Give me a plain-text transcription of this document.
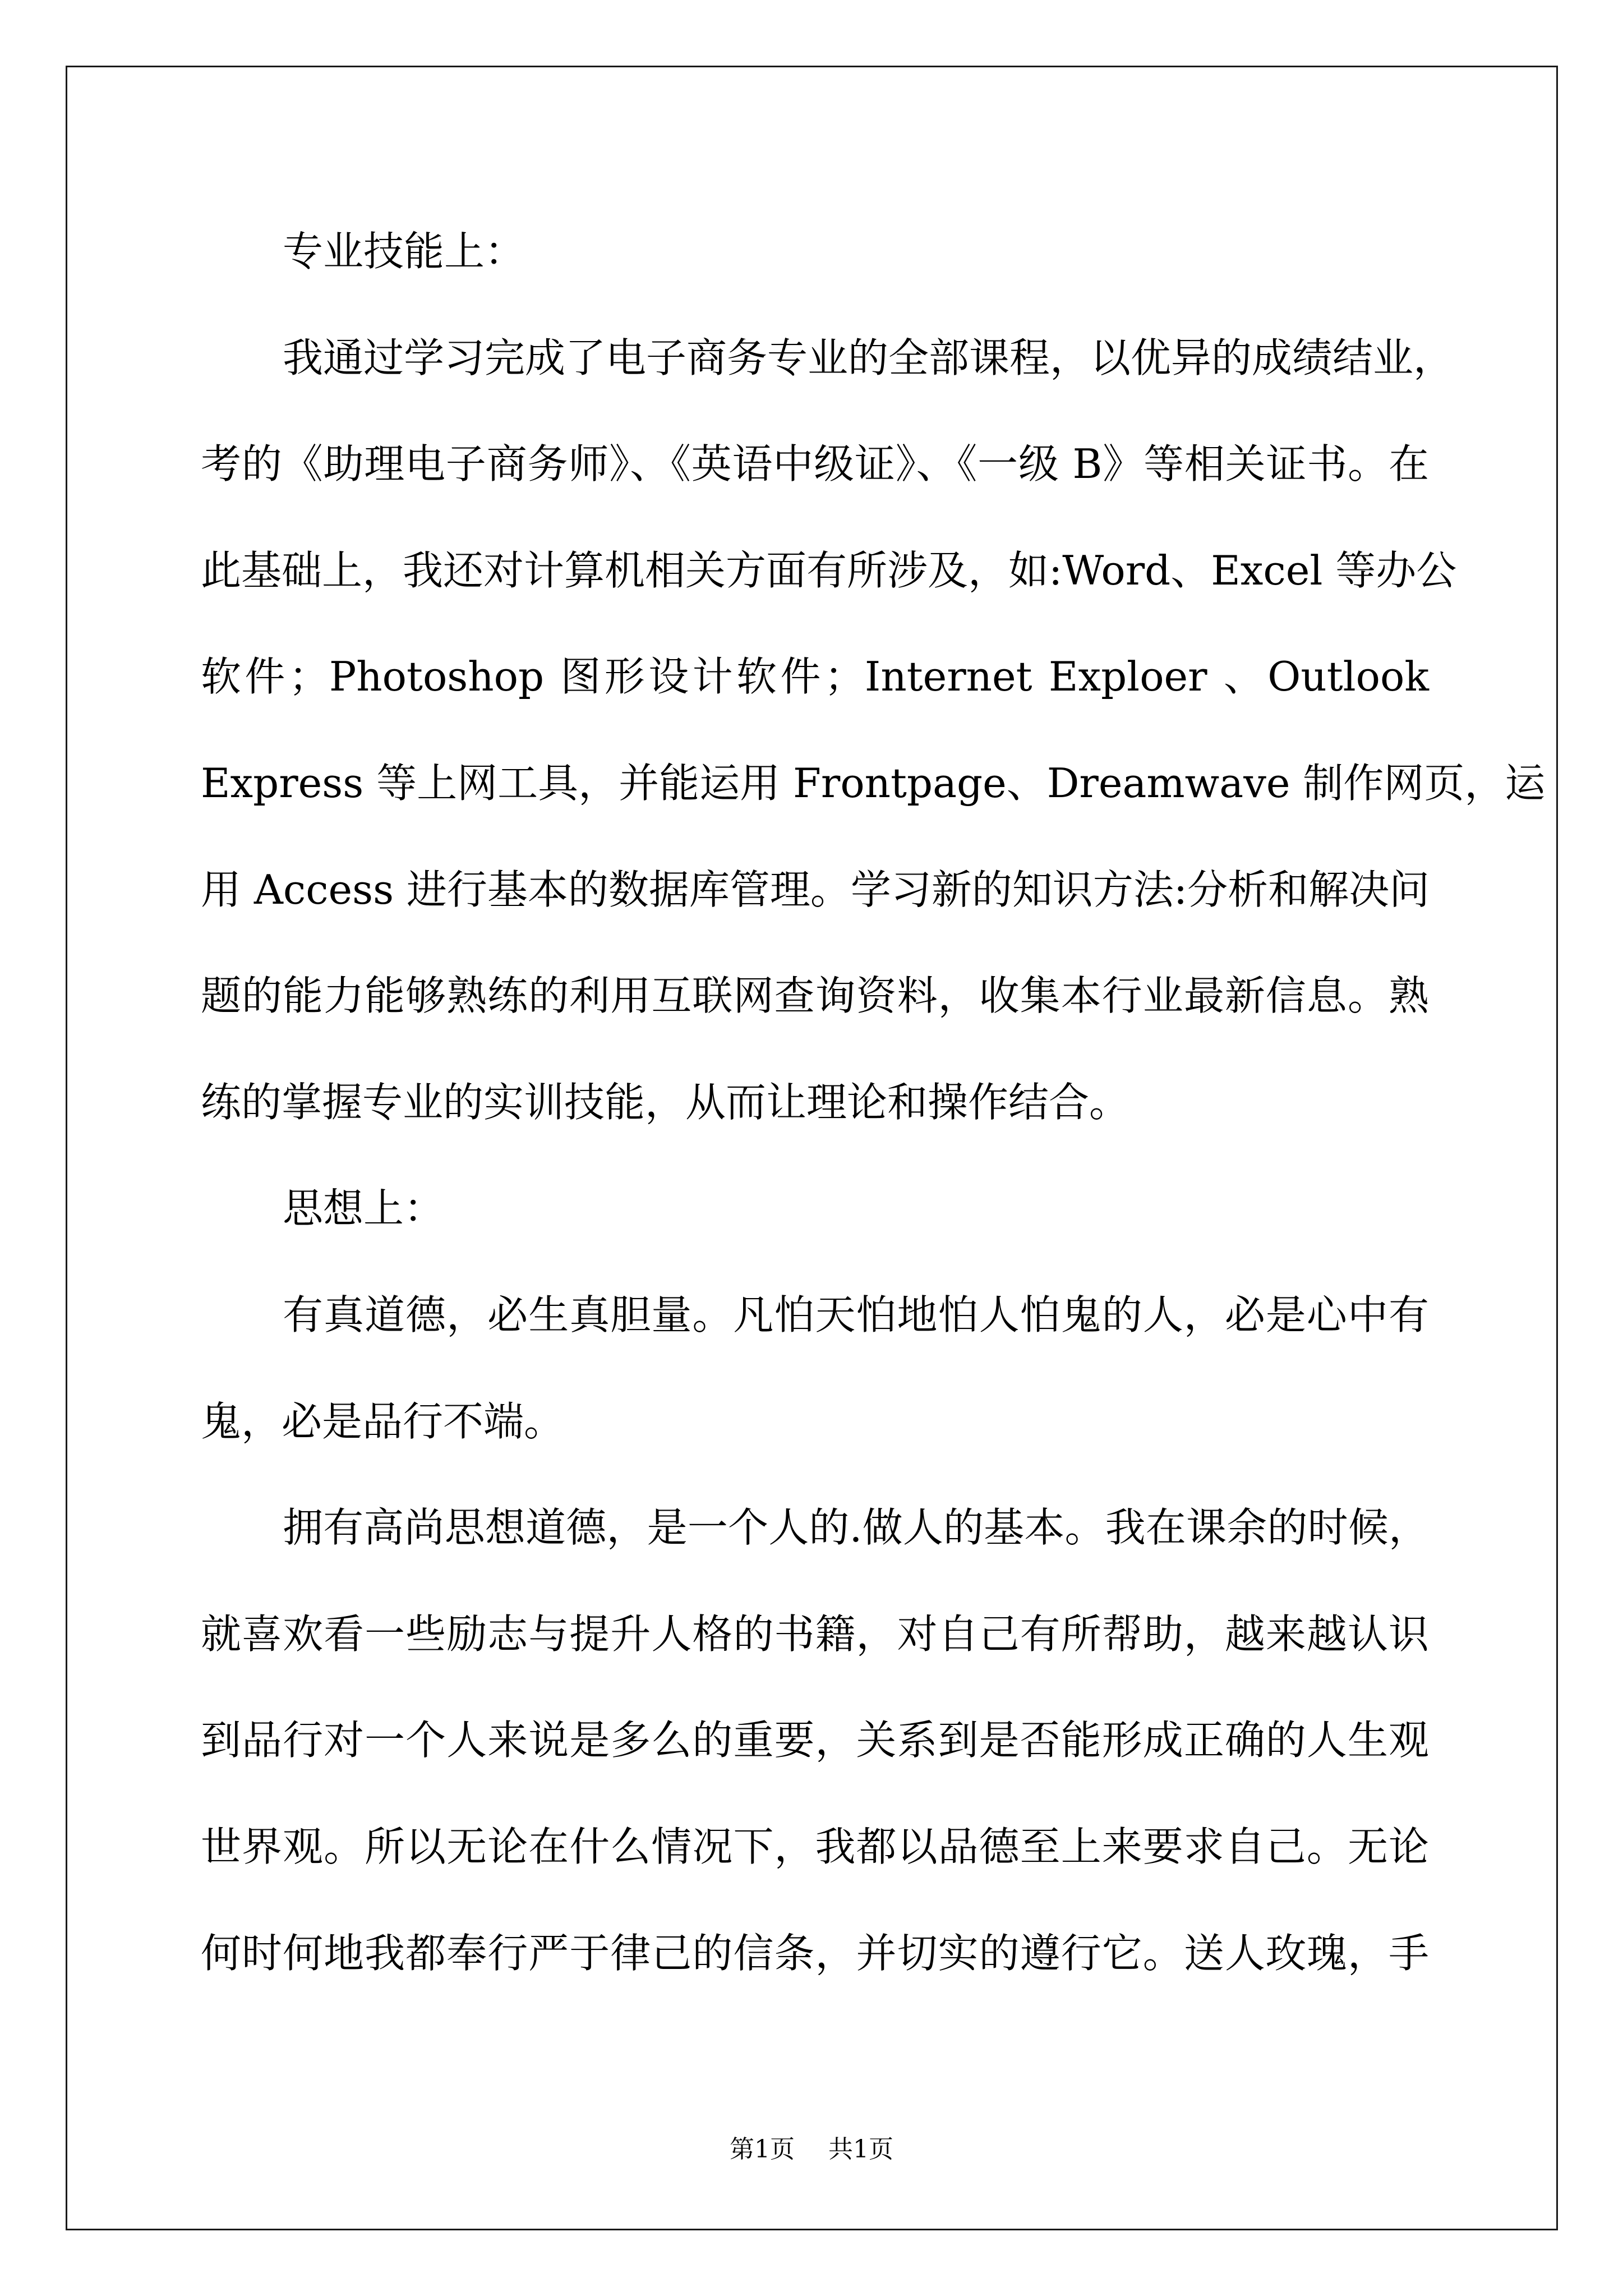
专业技能上：
我通过学习完成了电子商务专业的全部课程，以优异的成绩结业，
考的《助理电子商务师》、《英语中级证》、《一级 B》等相关证书。在
此基础上，我还对计算机相关方面有所涉及，如:Word、Excel 等办公
软件；Photoshop 图形设计软件；Internet Exploer 、Outlook
Express 等上网工具，并能运用 Frontpage、Dreamwave 制作网页，运
用 Access 进行基本的数据库管理。学习新的知识方法:分析和解决问
题的能力能够熟练的利用互联网查询资料，收集本行业最新信息。熟
练的掌握专业的实训技能，从而让理论和操作结合。
思想上：
有真道德，必生真胆量。凡怕天怕地怕人怕鬼的人，必是心中有
鬼，必是品行不端。
拥有高尚思想道德，是一个人的.做人的基本。我在课余的时候，
就喜欢看一些励志与提升人格的书籍，对自己有所帮助，越来越认识
到品行对一个人来说是多么的重要，关系到是否能形成正确的人生观
世界观。所以无论在什么情况下，我都以品德至上来要求自己。无论
何时何地我都奉行严于律己的信条，并切实的遵行它。送人玫瑰，手
第1页 共1页
